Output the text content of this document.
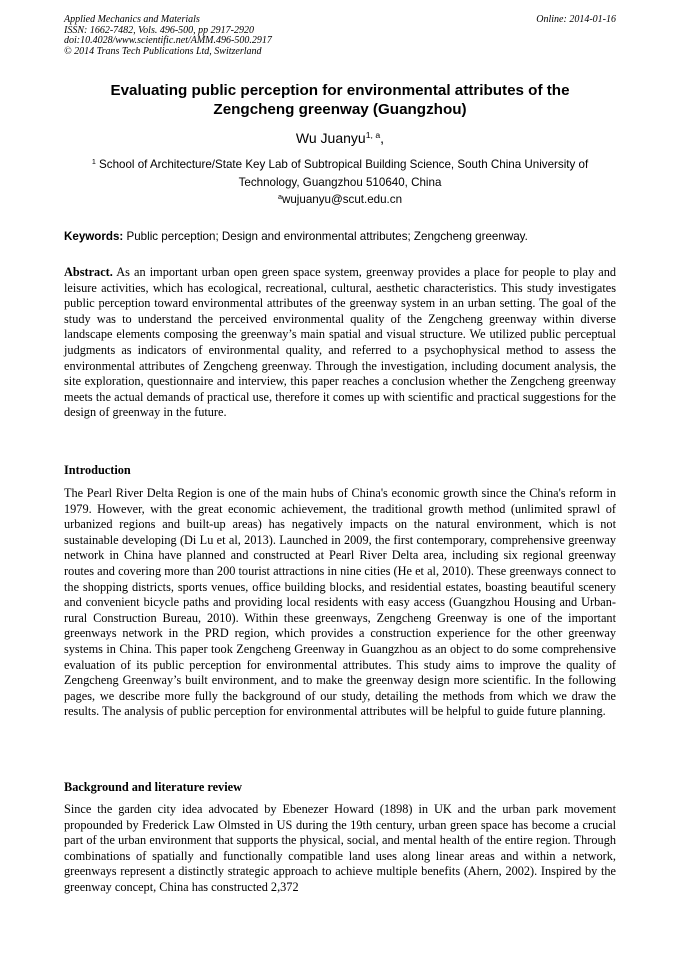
Applied Mechanics and Materials
ISSN: 1662-7482, Vols. 496-500, pp 2917-2920
doi:10.4028/www.scientific.net/AMM.496-500.2917
© 2014 Trans Tech Publications Ltd, Switzerland
Online: 2014-01-16
Evaluating public perception for environmental attributes of the
Zengcheng greenway (Guangzhou)
Wu Juanyu$^{1, a}$,
$^1$ School of Architecture/State Key Lab of Subtropical Building Science, South China University of Technology, Guangzhou 510640, China
$^a$wujuanyu@scut.edu.cn
Keywords: Public perception; Design and environmental attributes; Zengcheng greenway.
Abstract. As an important urban open green space system, greenway provides a place for people to play and leisure activities, which has ecological, recreational, cultural, aesthetic characteristics. This study investigates public perception toward environmental attributes of the greenway system in an urban setting. The goal of the study was to understand the perceived environmental quality of the Zengcheng greenway within diverse landscape elements composing the greenway’s main spatial and visual structure. We utilized public perceptual judgments as indicators of environmental quality, and referred to a psychophysical method to assess the environmental attributes of Zengcheng greenway. Through the investigation, including document analysis, the site exploration, questionnaire and interview, this paper reaches a conclusion whether the Zengcheng greenway meets the actual demands of practical use, therefore it comes up with scientific and practical suggestions for the design of greenway in the future.
Introduction
The Pearl River Delta Region is one of the main hubs of China's economic growth since the China's reform in 1979. However, with the great economic achievement, the traditional growth method (unlimited sprawl of urbanized regions and built-up areas) has negatively impacts on the natural environment, which is not sustainable developing (Di Lu et al, 2013). Launched in 2009, the first contemporary, comprehensive greenway network in China have planned and constructed at Pearl River Delta area, including six regional greenway routes and covering more than 200 tourist attractions in nine cities (He et al, 2010). These greenways connect to the shopping districts, sports venues, office building blocks, and residential estates, boasting beautiful scenery and convenient bicycle paths and providing local residents with easy access (Guangzhou Housing and Urban-rural Construction Bureau, 2010). Within these greenways, Zengcheng Greenway is one of the important greenways network in the PRD region, which provides a construction experience for the other greenway systems in China. This paper took Zengcheng Greenway in Guangzhou as an object to do some comprehensive evaluation of its public perception for environmental attributes. This study aims to improve the quality of Zengcheng Greenway’s built environment, and to make the greenway design more scientific. In the following pages, we describe more fully the background of our study, detailing the methods from which we draw the results. The analysis of public perception for environmental attributes will be helpful to guide future planning.
Background and literature review
Since the garden city idea advocated by Ebenezer Howard (1898) in UK and the urban park movement propounded by Frederick Law Olmsted in US during the 19th century, urban green space has become a crucial part of the urban environment that supports the physical, social, and mental health of the entire region. Through combinations of spatially and functionally compatible land uses along linear areas and within a network, greenways represent a distinctly strategic approach to achieve multiple benefits (Ahern, 2002). Inspired by the greenway concept, China has constructed 2,372
